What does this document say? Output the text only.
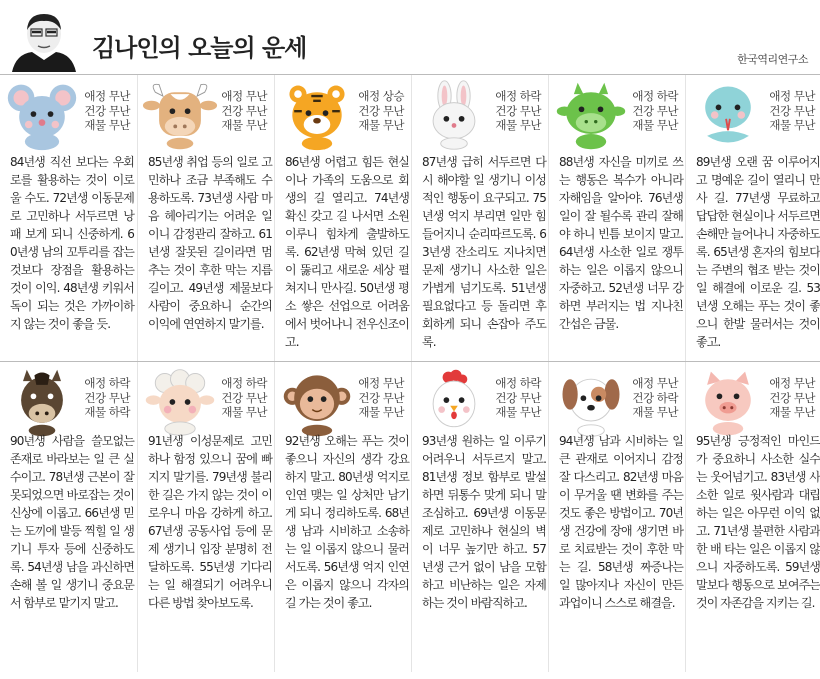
김나인의 오늘의 운세	한국역리연구소
애정 무난
건강 무난
재물 무난
84년생 직선 보다는 우회로를 활용하는 것이 이로울 수도. 72년생 이동문제로 고민하나 서두르면 낭패 보게 되니 신중하게. 60년생 남의 꼬투리를 잡는 것보다 장점을 활용하는 것이 이익. 48년생 키워서 독이 되는 것은 가까이하지 않는 것이 좋을 듯.
애정 무난
건강 무난
재물 무난
85년생 취업 등의 일로 고민하나 조금 부족해도 수용하도록. 73년생 사람 마음 헤아리기는 어려운 일이니 감정관리 잘하고. 61년생 잘못된 길이라면 멈추는 것이 후한 막는 지름길이고. 49년생 제물보다 사람이 중요하니 순간의 이익에 연연하지 말기를.
애정 상승
건강 무난
재물 무난
86년생 어렵고 힘든 현실이나 가족의 도움으로 회생의 길 열리고. 74년생 확신 갖고 길 나서면 소원 이루니 힘차게 출발하도록. 62년생 막혀 있던 길이 뚫리고 새로운 세상 펼쳐지니 만사길. 50년생 평소 쌓은 선업으로 어려움에서 벗어나니 전우신조이고.
애정 하락
건강 무난
재물 무난
87년생 급히 서두르면 다시 해야할 일 생기니 이성적인 행동이 요구되고. 75년생 억지 부리면 일만 힘들어지니 순리따르도록. 63년생 잔소리도 지나치면 문제 생기니 사소한 일은 가볍게 넘기도록. 51년생 필요없다고 등 돌리면 후회하게 되니 손잡아 주도록.
애정 하락
건강 무난
재물 무난
88년생 자신을 미끼로 쓰는 행동은 복수가 아니라 자해임을 알아야. 76년생 일이 잘 될수록 관리 잘해야 하니 빈틈 보이지 말고. 64년생 사소한 일로 쟁투하는 일은 이롭지 않으니 자중하고. 52년생 너무 강하면 부러지는 법 지나친 간섭은 금물.
애정 무난
건강 무난
재물 무난
89년생 오랜 꿈 이루어지고 명예운 길이 열리니 만사 길. 77년생 무료하고 답답한 현실이나 서두르면 손해만 늘어나니 자중하도록. 65년생 혼자의 힘보다는 주변의 협조 받는 것이 일 해결에 이로운 길. 53년생 오해는 푸는 것이 좋으니 한발 물러서는 것이 좋고.
애정 하락
건강 무난
재물 하락
90년생 사람을 쓸모없는 존재로 바라보는 일 큰 실수이고. 78년생 근본이 잘못되었으면 바로잡는 것이 신상에 이롭고. 66년생 믿는 도끼에 발등 찍힐 일 생기니 투자 등에 신중하도록. 54년생 남을 과신하면 손해 볼 일 생기니 중요문서 함부로 맡기지 말고.
애정 하락
건강 무난
재물 무난
91년생 이성문제로 고민하나 함정 있으니 꿈에 빠지지 말기를. 79년생 불리한 길은 가지 않는 것이 이로우니 마음 강하게 하고. 67년생 공동사업 등에 문제 생기니 입장 분명히 전달하도록. 55년생 기다리는 일 해결되기 어려우니 다른 방법 찾아보도록.
애정 무난
건강 무난
재물 무난
92년생 오해는 푸는 것이 좋으니 자신의 생각 강요하지 말고. 80년생 억지로 인연 맺는 일 상처만 남기게 되니 정리하도록. 68년생 남과 시비하고 소송하는 일 이롭지 않으니 물러서도록. 56년생 억지 인연은 이롭지 않으니 각자의 길 가는 것이 좋고.
애정 하락
건강 무난
재물 무난
93년생 원하는 일 이루기 어려우니 서두르지 말고. 81년생 정보 함부로 발설하면 뒤통수 맞게 되니 말조심하고. 69년생 이동문제로 고민하나 현실의 벽이 너무 높기만 하고. 57년생 근거 없이 남을 모함하고 비난하는 일은 자제하는 것이 바람직하고.
애정 무난
건강 하락
재물 무난
94년생 남과 시비하는 일 큰 관재로 이어지니 감정 잘 다스리고. 82년생 마음이 무거울 땐 변화를 주는 것도 좋은 방법이고. 70년생 건강에 장애 생기면 바로 치료받는 것이 후한 막는 길. 58년생 짜증나는 일 많아지나 자신이 만든 과업이니 스스로 해결을.
애정 무난
건강 무난
재물 무난
95년생 긍정적인 마인드가 중요하니 사소한 실수는 웃어넘기고. 83년생 사소한 일로 윗사람과 대립하는 일은 아무런 이익 없고. 71년생 불편한 사람과 한 배 타는 일은 이롭지 않으니 자중하도록. 59년생 말보다 행동으로 보여주는 것이 자존감을 지키는 길.
